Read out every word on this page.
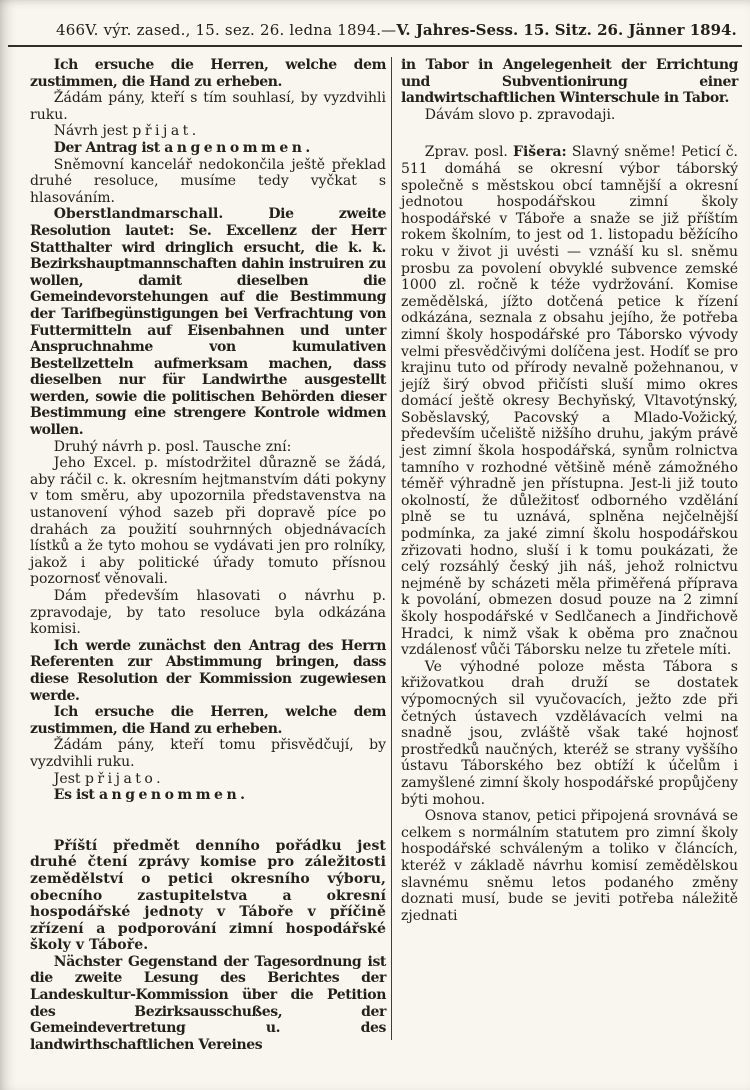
466 V. výr. zased., 15. sez. 26. ledna 1894. — V. Jahres-Sess. 15. Sitz. 26. Jänner 1894.

Ich ersuche die Herren, welche dem zustimmen, die Hand zu erheben.

Žádám pány, kteří s tím souhlasí, by vyzdvihli ruku.

Návrh jest přijat.

Der Antrag ist angenommen.

Sněmovní kancelář nedokončila ještě překlad druhé resoluce, musíme tedy vyčkat s hlasováním.

Oberstlandmarschall.	Die zweite Resolution lautet: Se. Excellenz der Herr Statthalter wird dringlich ersucht, die k. k. Bezirkshauptmannschaften dahin instruiren zu wollen, damit dieselben die Gemeindevorstehungen auf die Bestimmung der Tarifbegünstigungen bei Verfrachtung von Futtermitteln auf Eisenbahnen und unter Anspruchnahme von kumulativen Bestellzetteln aufmerksam machen, dass dieselben nur für Landwirthe ausgestellt werden, sowie die politischen Behörden dieser Bestimmung eine strengere Kontrole widmen wollen.

Druhý návrh p. posl. Tausche zní:

Jeho Excel. p. místodržitel důrazně se žádá, aby ráčil c. k. okresním hejtmanstvím dáti pokyny v tom směru, aby upozornila představenstva na ustanovení výhod sazeb při dopravě píce po drahách za použití souhrnných objednávacích lístků a že tyto mohou se vydávati jen pro rolníky, jakož i aby politické úřady tomuto přísnou pozornosť věnovali.

Dám především hlasovati o návrhu p. zpravodaje, by tato resoluce byla odkázána komisi.

Ich werde zunächst den Antrag des Herrn Referenten zur Abstimmung bringen, dass diese Resolution der Kommission zugewiesen werde.

Ich ersuche die Herren, welche dem zustimmen, die Hand zu erheben.

Žádám pány, kteří tomu přisvědčují, by vyzdvihli ruku.

Jest přijato.

Es ist angenommen.

Příští předmět denního pořádku jest druhé čtení zprávy komise pro záležitosti zemědělství o petici okresního výboru, obecního zastupitelstva a okresní hospodářské jednoty v Táboře v příčině zřízení a podporování zimní hospodářské školy v Táboře.

Nächster Gegenstand der Tagesordnung ist die zweite Lesung des Berichtes der Landeskultur-Kommission über die Petition des Bezirksausschußes, der Gemeindevertretung u. des landwirthschaftlichen Vereines

in Tabor in Angelegenheit der Errichtung und Subventionirung einer landwirtschaftlichen Winterschule in Tabor.

Dávám slovo p. zpravodaji.

Zprav. posl. Fišera: Slavný sněme! Peticí č. 511 domáhá se okresní výbor táborský společně s městskou obcí tamnější a okresní jednotou hospodářskou zimní školy hospodářské v Táboře a snaže se již příštím rokem školním, to jest od 1. listopadu běžícího roku v život ji uvésti — vznáší ku sl. sněmu prosbu za povolení obvyklé subvence zemské 1000 zl. ročně k téže vydržování. Komise zemědělská, jížto dotčená petice k řízení odkázána, seznala z obsahu jejího, že potřeba zimní školy hospodářské pro Táborsko vývody velmi přesvědčivými dolíčena jest. Hodíť se pro krajinu tuto od přírody nevalně požehnanou, v jejíž širý obvod přičísti sluší mimo okres domácí ještě okresy Bechyňský, Vltavotýnský, Soběslavský, Pacovský a Mlado-Vožický, především učeliště nižšího druhu, jakým právě jest zimní škola hospodářská, synům rolnictva tamního v rozhodné většině méně zámožného téměř výhradně jen přístupna. Jest-li již touto okolností, že důležitosť odborného vzdělání plně se tu uznává, splněna nejčelnější podmínka, za jaké zimní školu hospodářskou zřizovati hodno, sluší i k tomu poukázati, že celý rozsáhlý český jih náš, jehož rolnictvu nejméně by scházeti měla přiměřená příprava k povolání, obmezen dosud pouze na 2 zimní školy hospodářské v Sedlčanech a Jindřichově Hradci, k nimž však k oběma pro značnou vzdálenosť vůči Táborsku nelze tu zřetele míti.

Ve výhodné poloze města Tábora s křižovatkou drah druží se dostatek výpomocných sil vyučovacích, ježto zde při četných ústavech vzdělávacích velmi na snadně jsou, zvláště však také hojnosť prostředků naučných, kteréž se strany vyššího ústavu Táborského bez obtíží k účelům i zamyšlené zimní školy hospodářské propůjčeny býti mohou.

Osnova stanov, petici připojená srovnává se celkem s normálním statutem pro zimní školy hospodářské schváleným a toliko v článcích, kteréž v základě návrhu komisí zemědělskou slavnému sněmu letos podaného změny doznati musí, bude se jeviti potřeba náležitě zjednati
